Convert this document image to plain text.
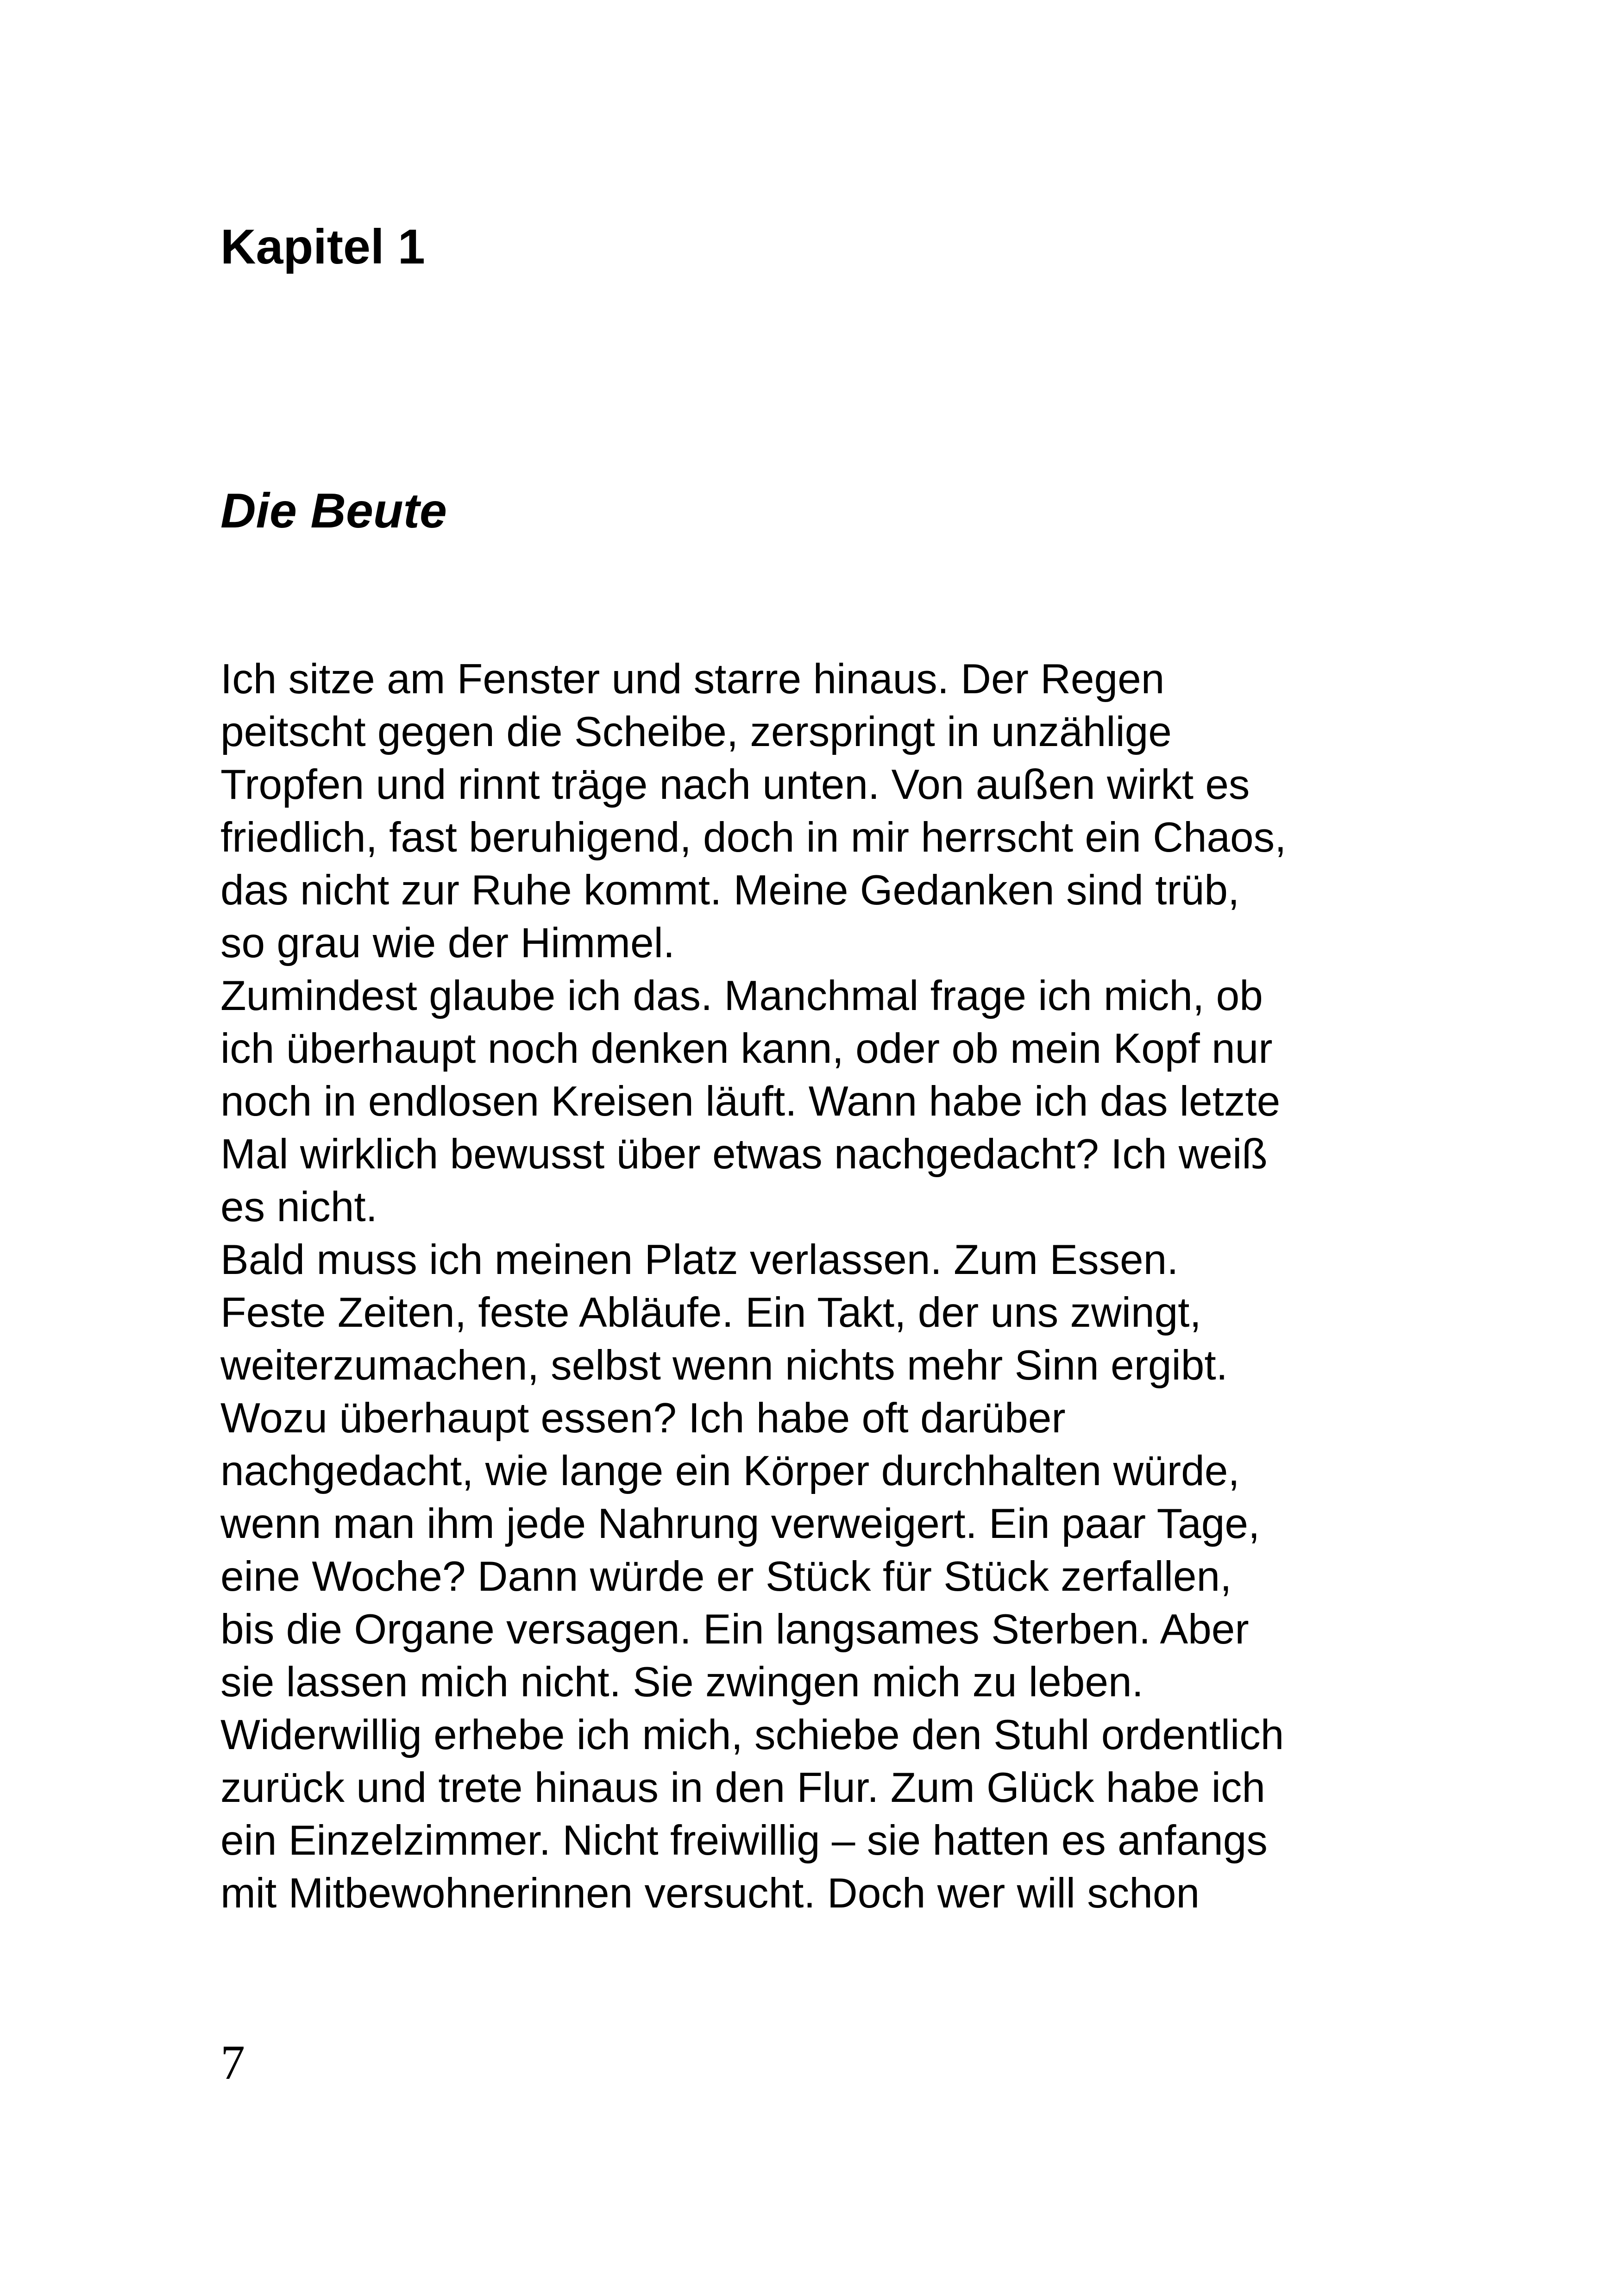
Kapitel 1
Die Beute
Ich sitze am Fenster und starre hinaus. Der Regen
peitscht gegen die Scheibe, zerspringt in unzählige
Tropfen und rinnt träge nach unten. Von außen wirkt es
friedlich, fast beruhigend, doch in mir herrscht ein Chaos,
das nicht zur Ruhe kommt. Meine Gedanken sind trüb,
so grau wie der Himmel.
Zumindest glaube ich das. Manchmal frage ich mich, ob
ich überhaupt noch denken kann, oder ob mein Kopf nur
noch in endlosen Kreisen läuft. Wann habe ich das letzte
Mal wirklich bewusst über etwas nachgedacht? Ich weiß
es nicht.
Bald muss ich meinen Platz verlassen. Zum Essen.
Feste Zeiten, feste Abläufe. Ein Takt, der uns zwingt,
weiterzumachen, selbst wenn nichts mehr Sinn ergibt.
Wozu überhaupt essen? Ich habe oft darüber
nachgedacht, wie lange ein Körper durchhalten würde,
wenn man ihm jede Nahrung verweigert. Ein paar Tage,
eine Woche? Dann würde er Stück für Stück zerfallen,
bis die Organe versagen. Ein langsames Sterben. Aber
sie lassen mich nicht. Sie zwingen mich zu leben.
Widerwillig erhebe ich mich, schiebe den Stuhl ordentlich
zurück und trete hinaus in den Flur. Zum Glück habe ich
ein Einzelzimmer. Nicht freiwillig – sie hatten es anfangs
mit Mitbewohnerinnen versucht. Doch wer will schon
7
